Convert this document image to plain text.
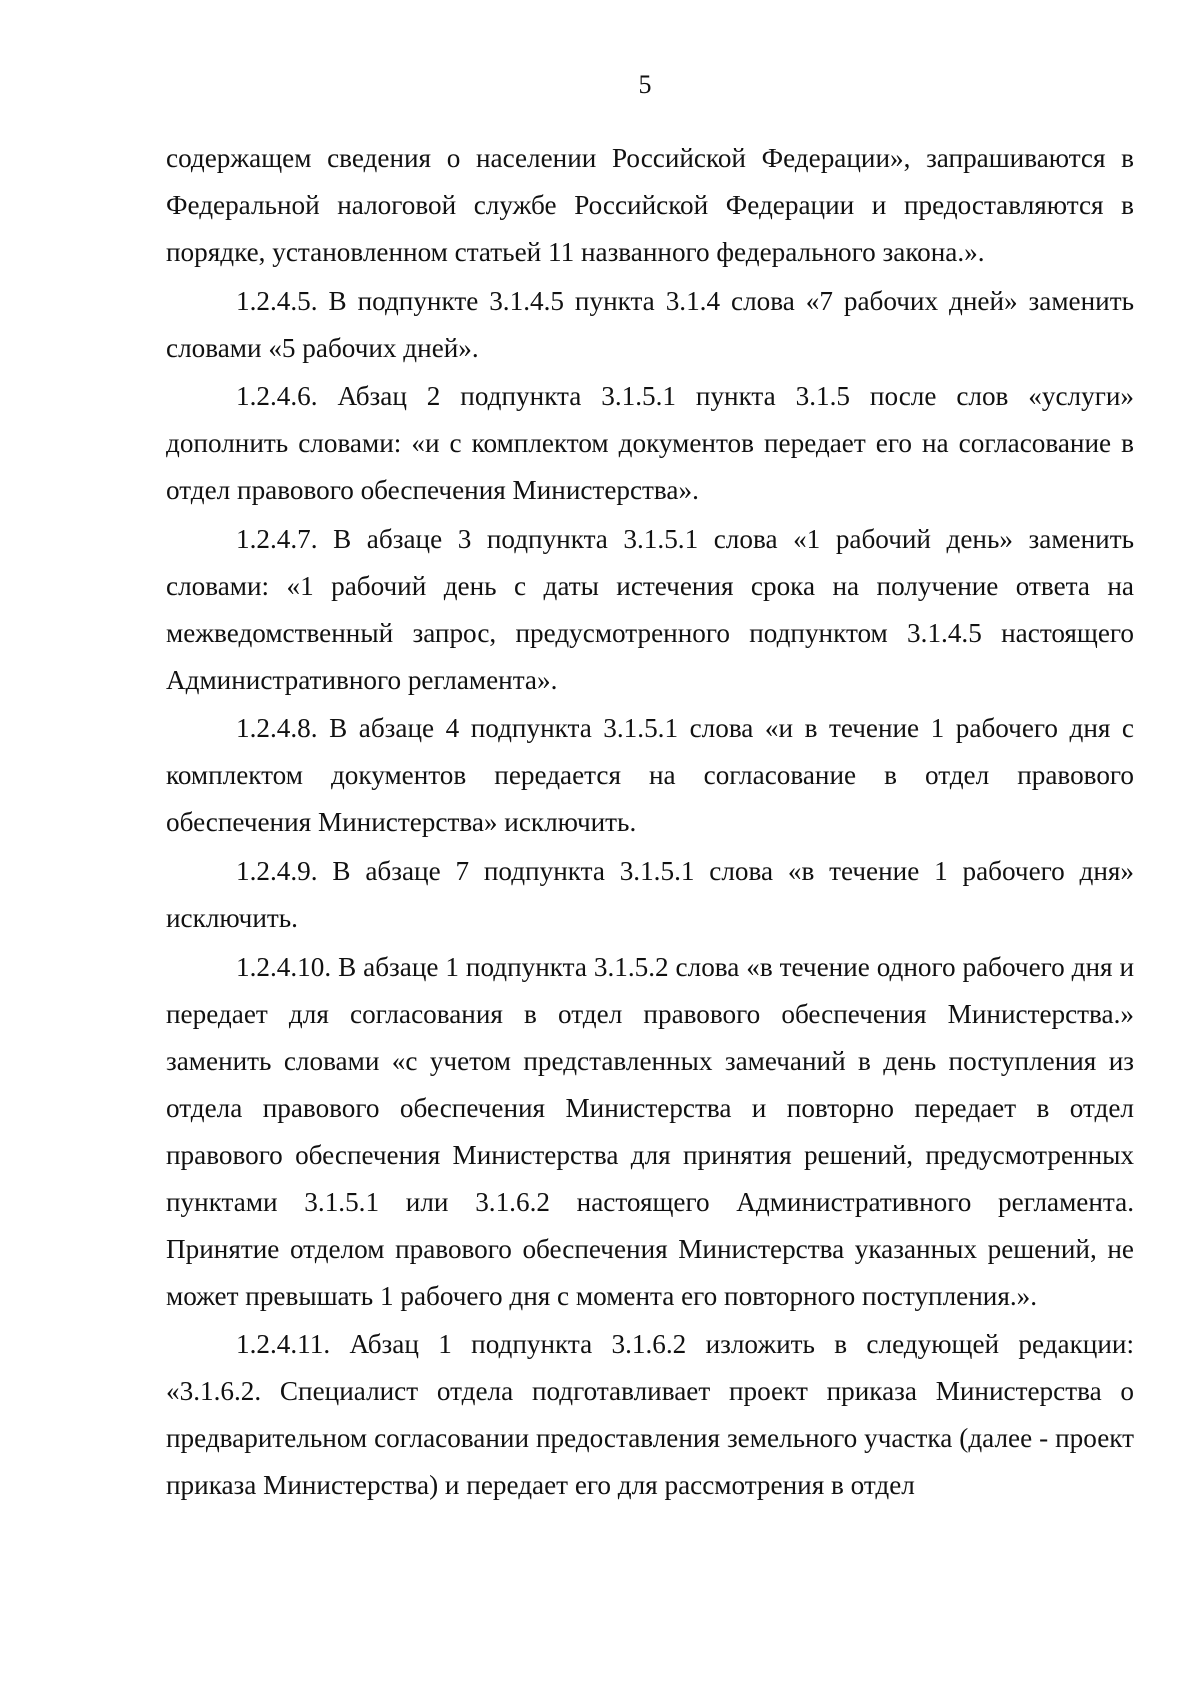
5

содержащем сведения о населении Российской Федерации», запрашиваются в Федеральной налоговой службе Российской Федерации и предоставляются в порядке, установленном статьей 11 названного федерального закона.».

1.2.4.5. В подпункте 3.1.4.5 пункта 3.1.4 слова «7 рабочих дней» заменить словами «5 рабочих дней».

1.2.4.6. Абзац 2 подпункта 3.1.5.1 пункта 3.1.5 после слов «услуги» дополнить словами: «и с комплектом документов передает его на согласование в отдел правового обеспечения Министерства».

1.2.4.7. В абзаце 3 подпункта 3.1.5.1 слова «1 рабочий день» заменить словами: «1 рабочий день с даты истечения срока на получение ответа на межведомственный запрос, предусмотренного подпунктом 3.1.4.5 настоящего Административного регламента».

1.2.4.8. В абзаце 4 подпункта 3.1.5.1 слова «и в течение 1 рабочего дня с комплектом документов передается на согласование в отдел правового обеспечения Министерства» исключить.

1.2.4.9. В абзаце 7 подпункта 3.1.5.1 слова «в течение 1 рабочего дня» исключить.

1.2.4.10. В абзаце 1 подпункта 3.1.5.2 слова «в течение одного рабочего дня и передает для согласования в отдел правового обеспечения Министерства.» заменить словами «с учетом представленных замечаний в день поступления из отдела правового обеспечения Министерства и повторно передает в отдел правового обеспечения Министерства для принятия решений, предусмотренных пунктами 3.1.5.1 или 3.1.6.2 настоящего Административного регламента. Принятие отделом правового обеспечения Министерства указанных решений, не может превышать 1 рабочего дня с момента его повторного поступления.».

1.2.4.11. Абзац 1 подпункта 3.1.6.2 изложить в следующей редакции: «3.1.6.2. Специалист отдела подготавливает проект приказа Министерства о предварительном согласовании предоставления земельного участка (далее - проект приказа Министерства) и передает его для рассмотрения в отдел
